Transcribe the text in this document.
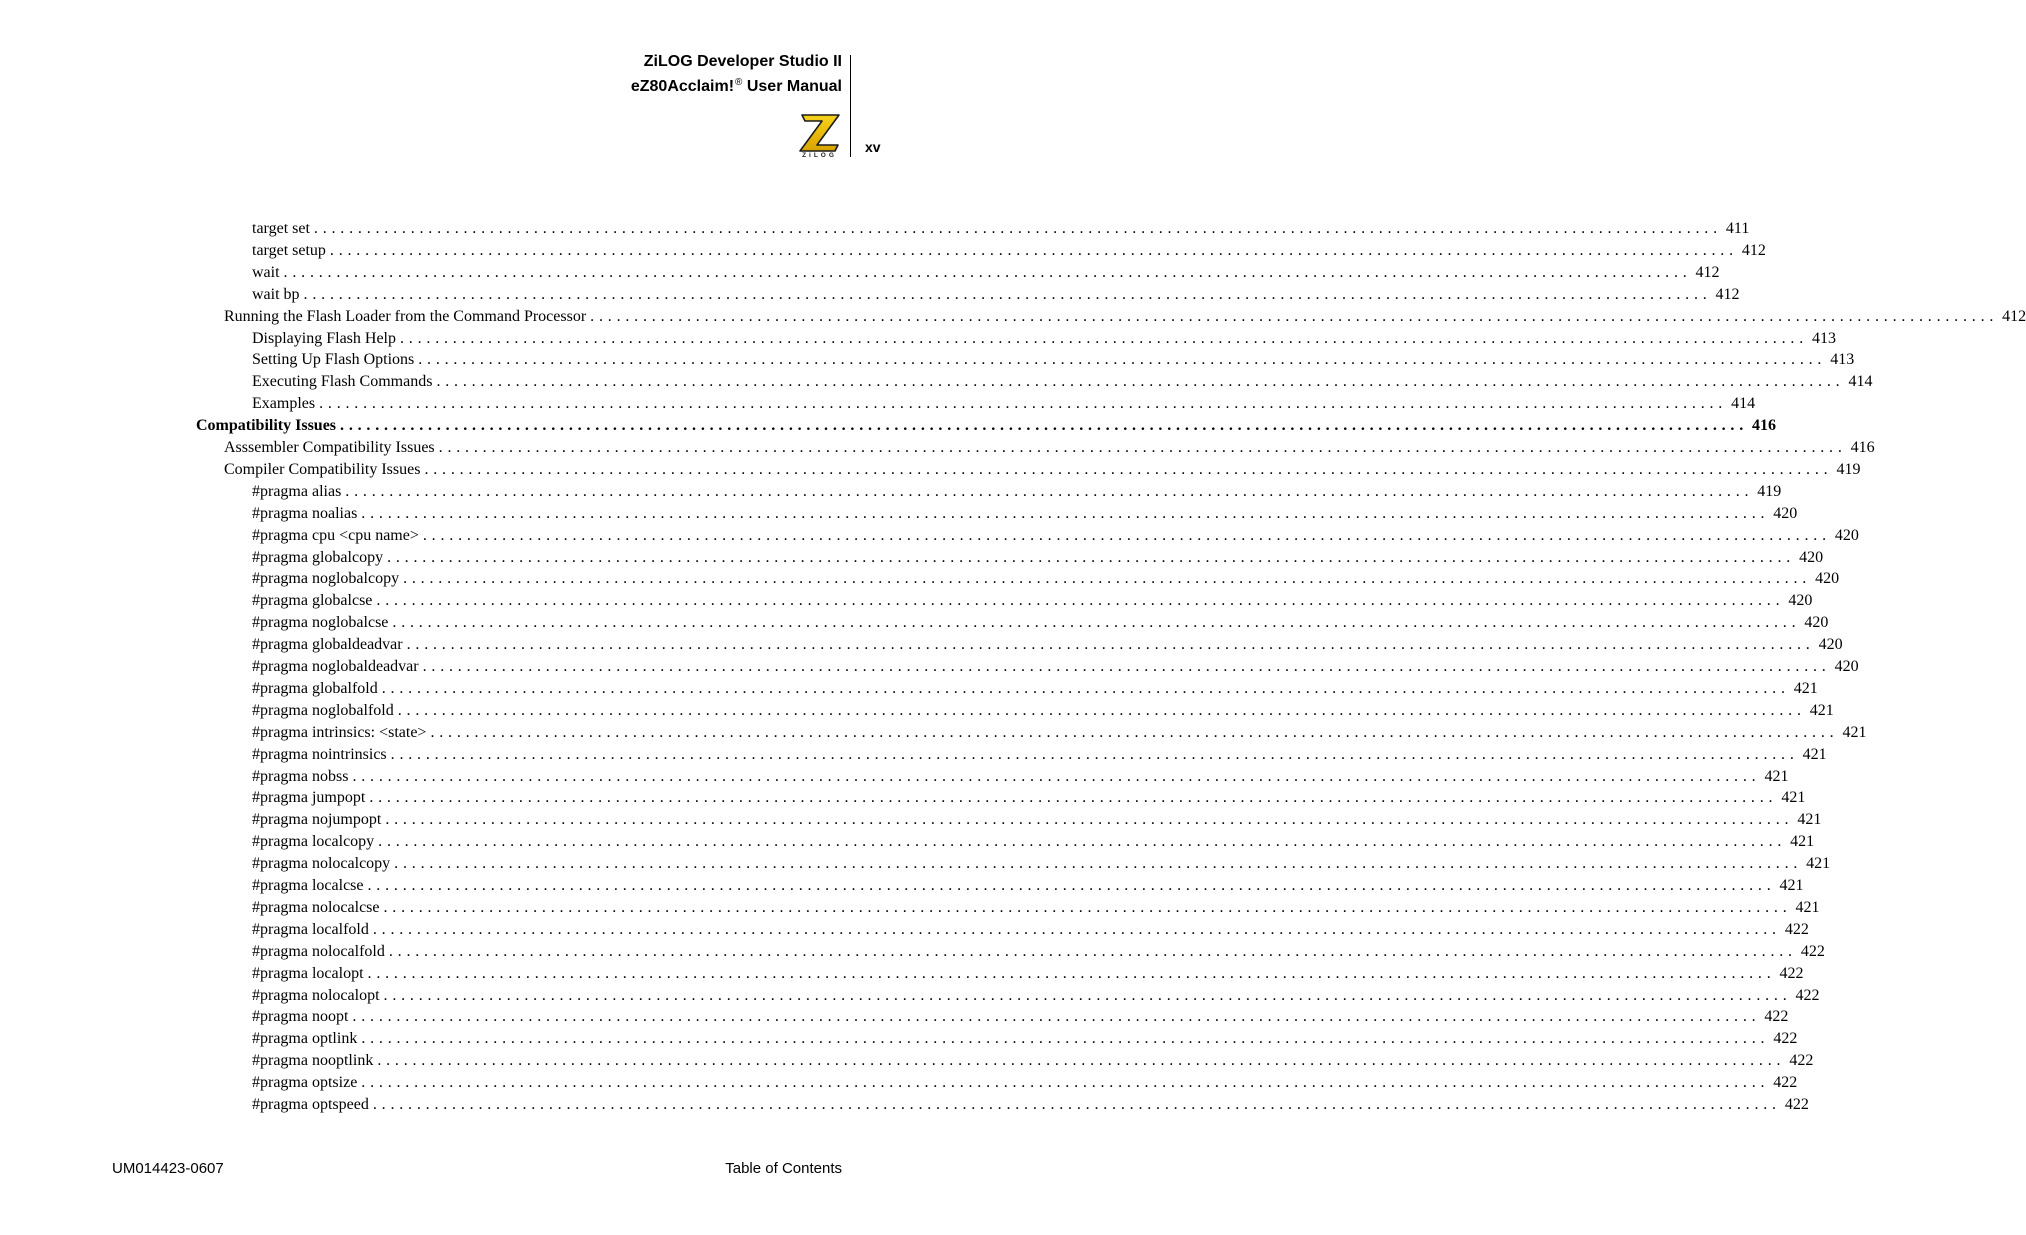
ZiLOG Developer Studio II
eZ80Acclaim!® User Manual
ZiLOG
xv
target set ................................................................................................................................................................ 411
target setup ................................................................................................................................................................ 412
wait ................................................................................................................................................................ 412
wait bp ................................................................................................................................................................ 412
Running the Flash Loader from the Command Processor ................................................................................................................................................................ 412
Displaying Flash Help ................................................................................................................................................................ 413
Setting Up Flash Options ................................................................................................................................................................ 413
Executing Flash Commands ................................................................................................................................................................ 414
Examples ................................................................................................................................................................ 414
Compatibility Issues ................................................................................................................................................................ 416
Asssembler Compatibility Issues ................................................................................................................................................................ 416
Compiler Compatibility Issues ................................................................................................................................................................ 419
#pragma alias ................................................................................................................................................................ 419
#pragma noalias ................................................................................................................................................................ 420
#pragma cpu <cpu name> ................................................................................................................................................................ 420
#pragma globalcopy ................................................................................................................................................................ 420
#pragma noglobalcopy ................................................................................................................................................................ 420
#pragma globalcse ................................................................................................................................................................ 420
#pragma noglobalcse ................................................................................................................................................................ 420
#pragma globaldeadvar ................................................................................................................................................................ 420
#pragma noglobaldeadvar ................................................................................................................................................................ 420
#pragma globalfold ................................................................................................................................................................ 421
#pragma noglobalfold ................................................................................................................................................................ 421
#pragma intrinsics: <state> ................................................................................................................................................................ 421
#pragma nointrinsics ................................................................................................................................................................ 421
#pragma nobss ................................................................................................................................................................ 421
#pragma jumpopt ................................................................................................................................................................ 421
#pragma nojumpopt ................................................................................................................................................................ 421
#pragma localcopy ................................................................................................................................................................ 421
#pragma nolocalcopy ................................................................................................................................................................ 421
#pragma localcse ................................................................................................................................................................ 421
#pragma nolocalcse ................................................................................................................................................................ 421
#pragma localfold ................................................................................................................................................................ 422
#pragma nolocalfold ................................................................................................................................................................ 422
#pragma localopt ................................................................................................................................................................ 422
#pragma nolocalopt ................................................................................................................................................................ 422
#pragma noopt ................................................................................................................................................................ 422
#pragma optlink ................................................................................................................................................................ 422
#pragma nooptlink ................................................................................................................................................................ 422
#pragma optsize ................................................................................................................................................................ 422
#pragma optspeed ................................................................................................................................................................ 422
UM014423-0607	Table of Contents
